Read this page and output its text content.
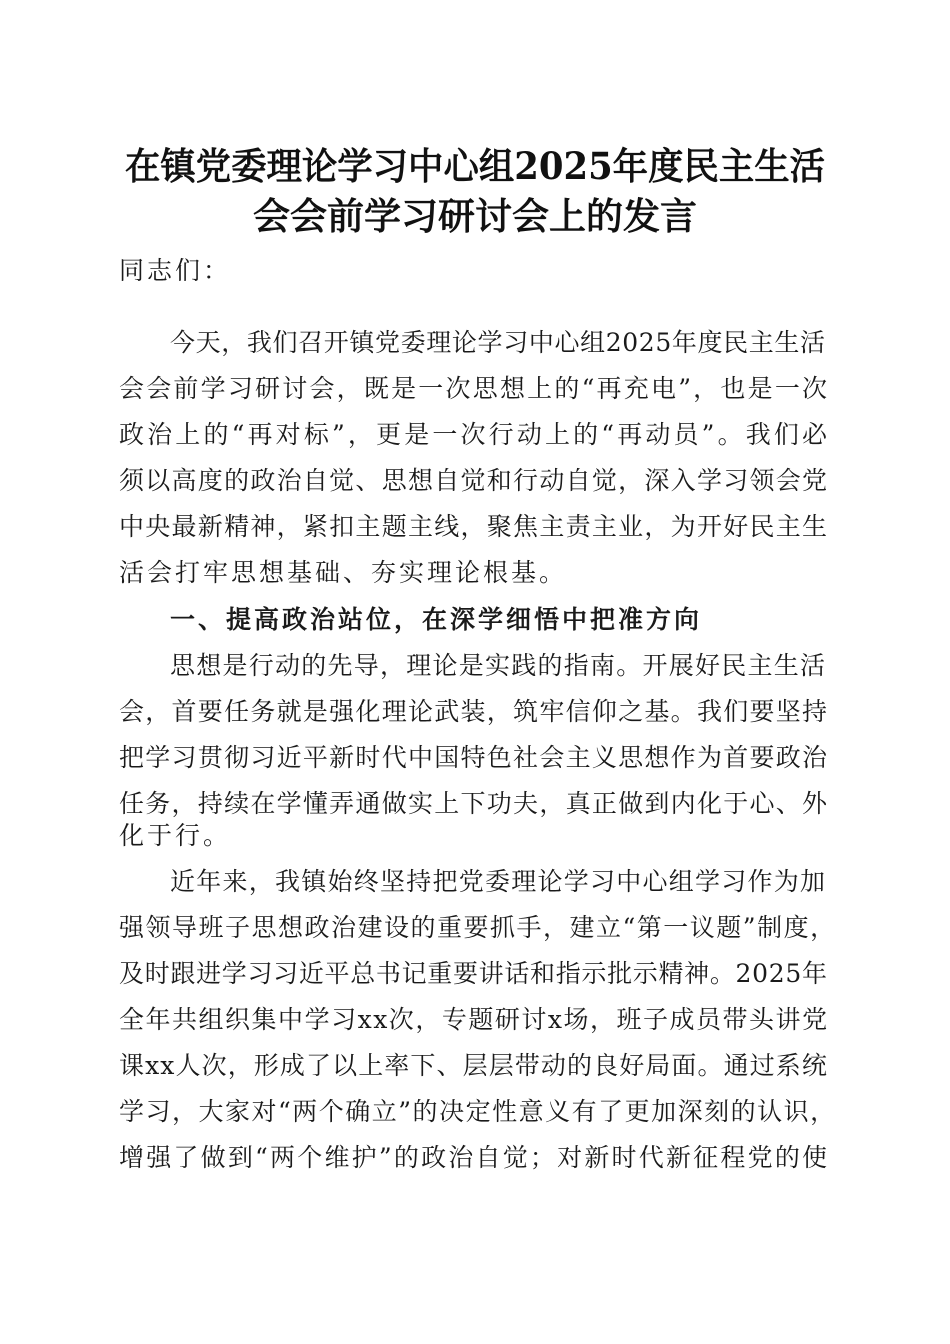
在镇党委理论学习中心组2025年度民主生活
会会前学习研讨会上的发言
同志们：
今天，我们召开镇党委理论学习中心组2025年度民主生活
会会前学习研讨会，既是一次思想上的“再充电”，也是一次
政治上的“再对标”，更是一次行动上的“再动员”。我们必
须以高度的政治自觉、思想自觉和行动自觉，深入学习领会党
中央最新精神，紧扣主题主线，聚焦主责主业，为开好民主生
活会打牢思想基础、夯实理论根基。
一、提高政治站位，在深学细悟中把准方向
思想是行动的先导，理论是实践的指南。开展好民主生活
会，首要任务就是强化理论武装，筑牢信仰之基。我们要坚持
把学习贯彻习近平新时代中国特色社会主义思想作为首要政治
任务，持续在学懂弄通做实上下功夫，真正做到内化于心、外
化于行。
近年来，我镇始终坚持把党委理论学习中心组学习作为加
强领导班子思想政治建设的重要抓手，建立“第一议题”制度，
及时跟进学习习近平总书记重要讲话和指示批示精神。2025年
全年共组织集中学习xx次，专题研讨x场，班子成员带头讲党
课xx人次，形成了以上率下、层层带动的良好局面。通过系统
学习，大家对“两个确立”的决定性意义有了更加深刻的认识，
增强了做到“两个维护”的政治自觉；对新时代新征程党的使
